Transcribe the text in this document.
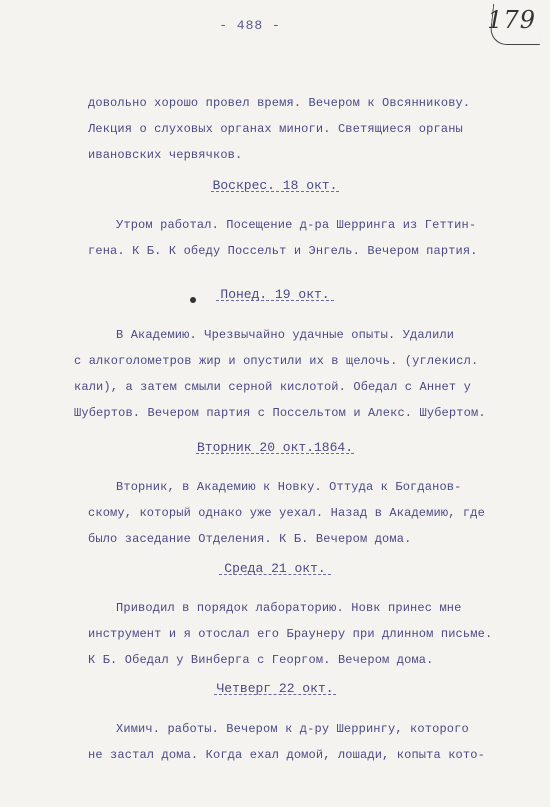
- 488 -	179
довольно хорошо провел время. Вечером к Овсянникову.
Лекция о слуховых органах миноги. Светящиеся органы
ивановских червячков.
Воскрес. 18 окт.
Утром работал. Посещение д-ра Шерринга из Геттин-
гена. К Б. К обеду Поссельт и Энгель. Вечером партия.
Понед. 19 окт.
В Академию. Чрезвычайно удачные опыты. Удалили
с алкоголометров жир и опустили их в щелочь. (углекисл.
кали), а затем смыли серной кислотой. Обедал с Аннет у
Шубертов. Вечером партия с Поссельтом и Алекс. Шубертом.
Вторник 20 окт.1864.
Вторник, в Академию к Новку. Оттуда к Богданов-
скому, который однако уже уехал. Назад в Академию, где
было заседание Отделения. К Б. Вечером дома.
Среда 21 окт.
Приводил в порядок лабораторию. Новк принес мне
инструмент и я отослал его Браунеру при длинном письме.
К Б. Обедал у Винберга с Георгом. Вечером дома.
Четверг 22 окт.
Химич. работы. Вечером к д-ру Шеррингу, которого
не застал дома. Когда ехал домой, лошади, копыта кото-
